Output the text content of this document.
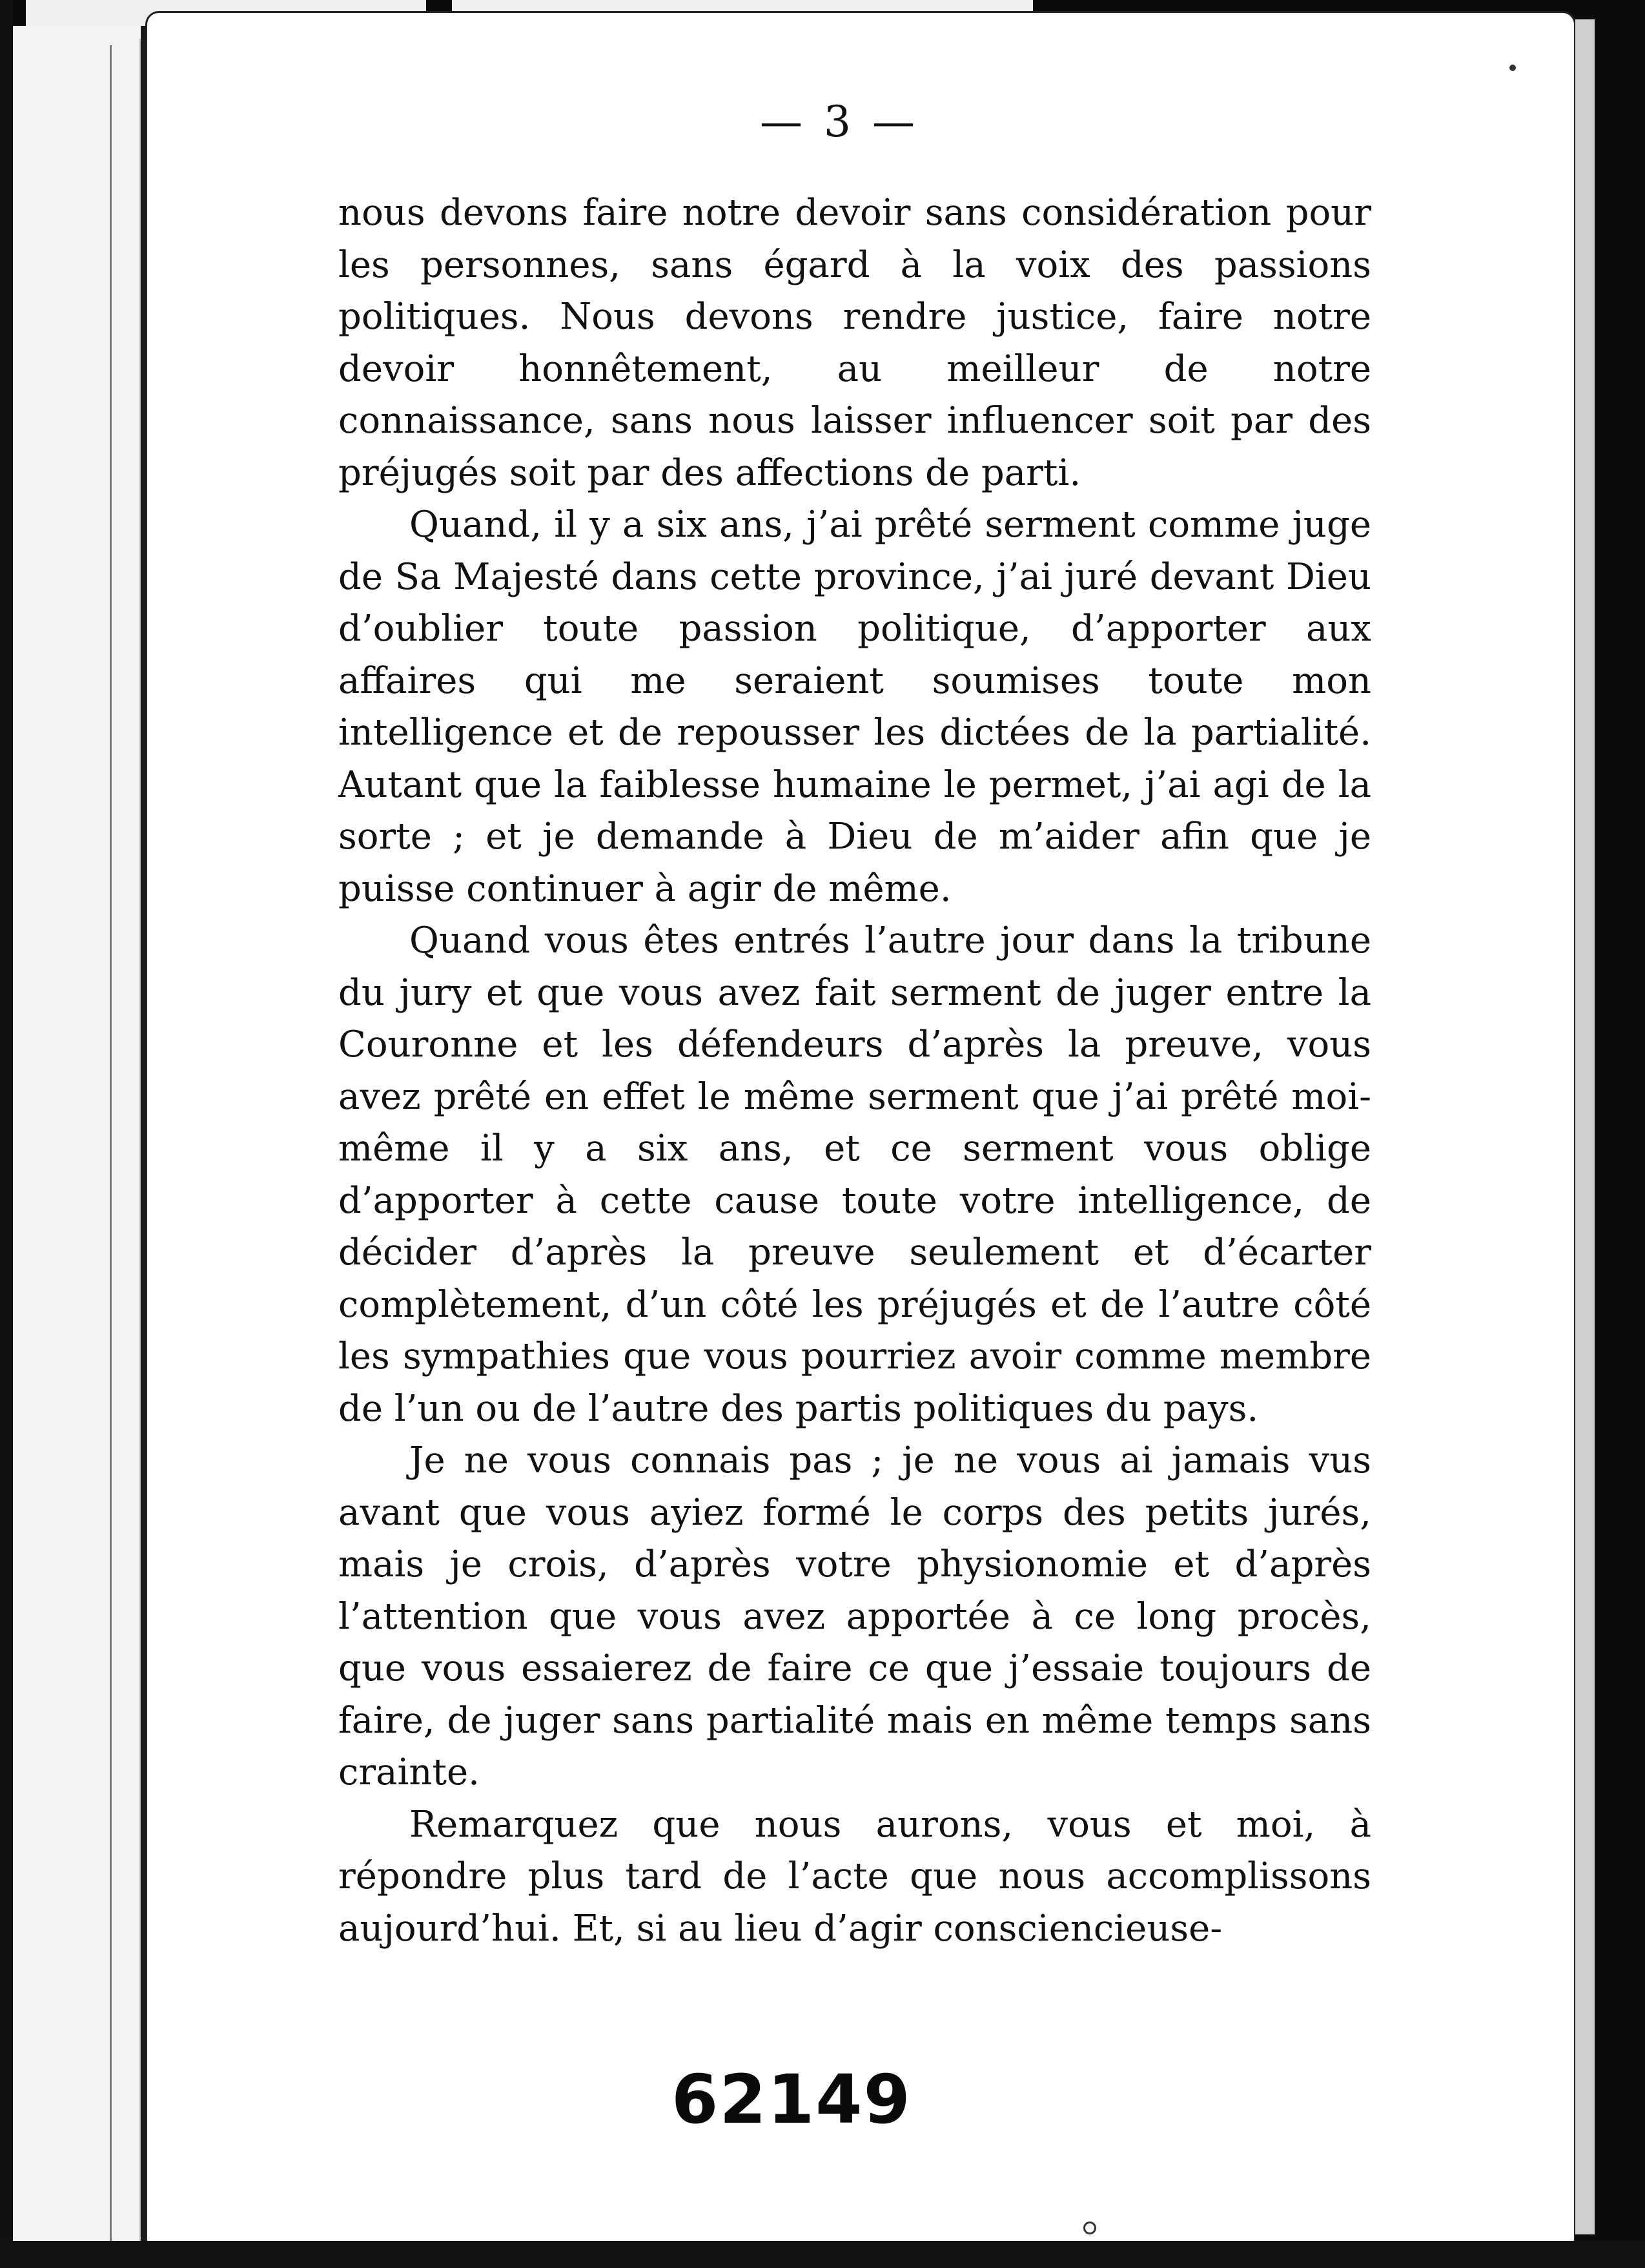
— 3 —

nous devons faire notre devoir sans considération pour les personnes, sans égard à la voix des passions politiques. Nous devons rendre justice, faire notre devoir honnêtement, au meilleur de notre connaissance, sans nous laisser influencer soit par des préjugés soit par des affections de parti.

Quand, il y a six ans, j’ai prêté serment comme juge de Sa Majesté dans cette province, j’ai juré devant Dieu d’oublier toute passion politique, d’apporter aux affaires qui me seraient soumises toute mon intelligence et de repousser les dictées de la partialité. Autant que la faiblesse humaine le permet, j’ai agi de la sorte ; et je demande à Dieu de m’aider afin que je puisse continuer à agir de même.

Quand vous êtes entrés l’autre jour dans la tribune du jury et que vous avez fait serment de juger entre la Couronne et les défendeurs d’après la preuve, vous avez prêté en effet le même serment que j’ai prêté moi-même il y a six ans, et ce serment vous oblige d’apporter à cette cause toute votre intelligence, de décider d’après la preuve seulement et d’écarter complètement, d’un côté les préjugés et de l’autre côté les sympathies que vous pourriez avoir comme membre de l’un ou de l’autre des partis politiques du pays.

Je ne vous connais pas ; je ne vous ai jamais vus avant que vous ayiez formé le corps des petits jurés, mais je crois, d’après votre physionomie et d’après l’attention que vous avez apportée à ce long procès, que vous essaierez de faire ce que j’essaie toujours de faire, de juger sans partialité mais en même temps sans crainte.

Remarquez que nous aurons, vous et moi, à répondre plus tard de l’acte que nous accomplissons aujourd’hui. Et, si au lieu d’agir consciencieuse-

62149
